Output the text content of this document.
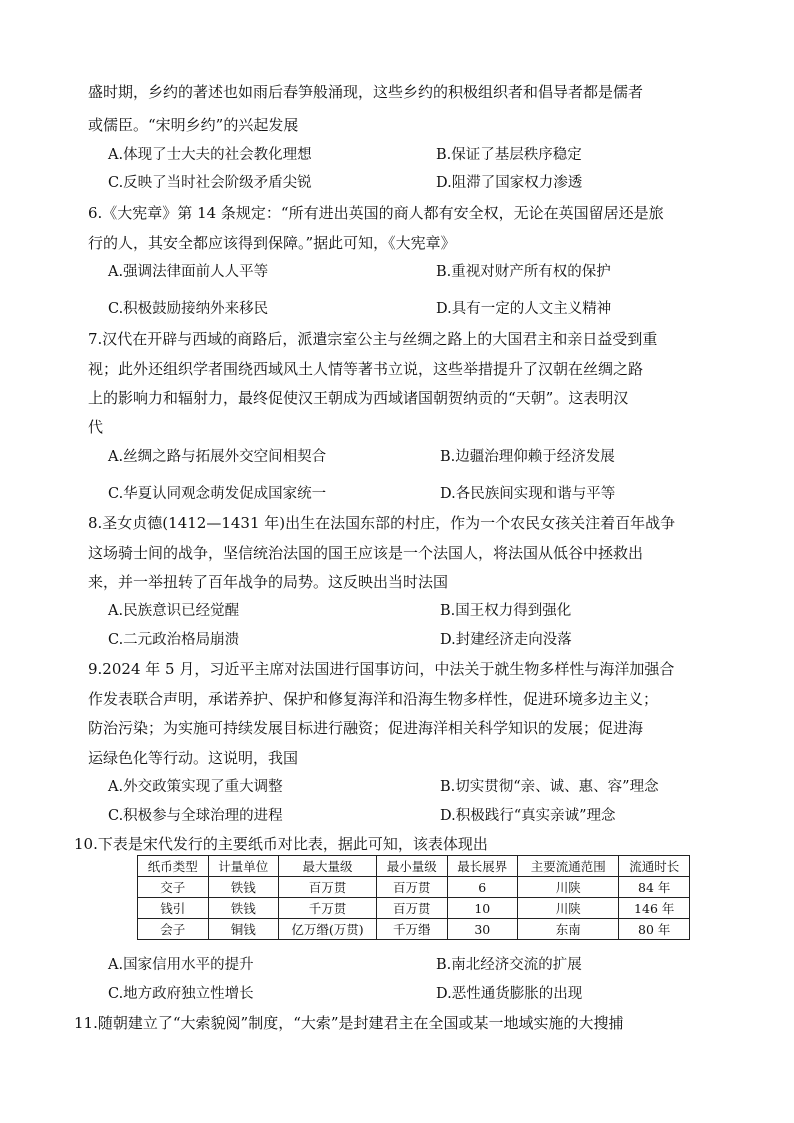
盛时期，乡约的著述也如雨后春笋般涌现，这些乡约的积极组织者和倡导者都是儒者
或儒臣。“宋明乡约”的兴起发展
A.体现了士大夫的社会教化理想	B.保证了基层秩序稳定
C.反映了当时社会阶级矛盾尖锐	D.阻滞了国家权力渗透
6.《大宪章》第 14 条规定：“所有进出英国的商人都有安全权，无论在英国留居还是旅
行的人，其安全都应该得到保障。”据此可知，《大宪章》
A.强调法律面前人人平等	B.重视对财产所有权的保护
C.积极鼓励接纳外来移民	D.具有一定的人文主义精神
7.汉代在开辟与西域的商路后，派遣宗室公主与丝绸之路上的大国君主和亲日益受到重
视；此外还组织学者围绕西域风土人情等著书立说，这些举措提升了汉朝在丝绸之路
上的影响力和辐射力，最终促使汉王朝成为西域诸国朝贺纳贡的“天朝”。这表明汉
代
A.丝绸之路与拓展外交空间相契合	B.边疆治理仰赖于经济发展
C.华夏认同观念萌发促成国家统一	D.各民族间实现和谐与平等
8.圣女贞德(1412—1431 年)出生在法国东部的村庄，作为一个农民女孩关注着百年战争
这场骑士间的战争，坚信统治法国的国王应该是一个法国人，将法国从低谷中拯救出
来，并一举扭转了百年战争的局势。这反映出当时法国
A.民族意识已经觉醒	B.国王权力得到强化
C.二元政治格局崩溃	D.封建经济走向没落
9.2024 年 5 月，习近平主席对法国进行国事访问，中法关于就生物多样性与海洋加强合
作发表联合声明，承诺养护、保护和修复海洋和沿海生物多样性，促进环境多边主义；
防治污染；为实施可持续发展目标进行融资；促进海洋相关科学知识的发展；促进海
运绿色化等行动。这说明，我国
A.外交政策实现了重大调整	B.切实贯彻“亲、诚、惠、容”理念
C.积极参与全球治理的进程	D.积极践行“真实亲诚”理念
10.下表是宋代发行的主要纸币对比表，据此可知，该表体现出
纸币类型	计量单位	最大量级	最小量级	最长展界	主要流通范围	流通时长
交子	铁钱	百万贯	百万贯	6	川陕	84 年
钱引	铁钱	千万贯	百万贯	10	川陕	146 年
会子	铜钱	亿万缗(万贯)	千万缗	30	东南	80 年
A.国家信用水平的提升	B.南北经济交流的扩展
C.地方政府独立性增长	D.恶性通货膨胀的出现
11.随朝建立了“大索貌阅”制度，“大索”是封建君主在全国或某一地域实施的大搜捕
